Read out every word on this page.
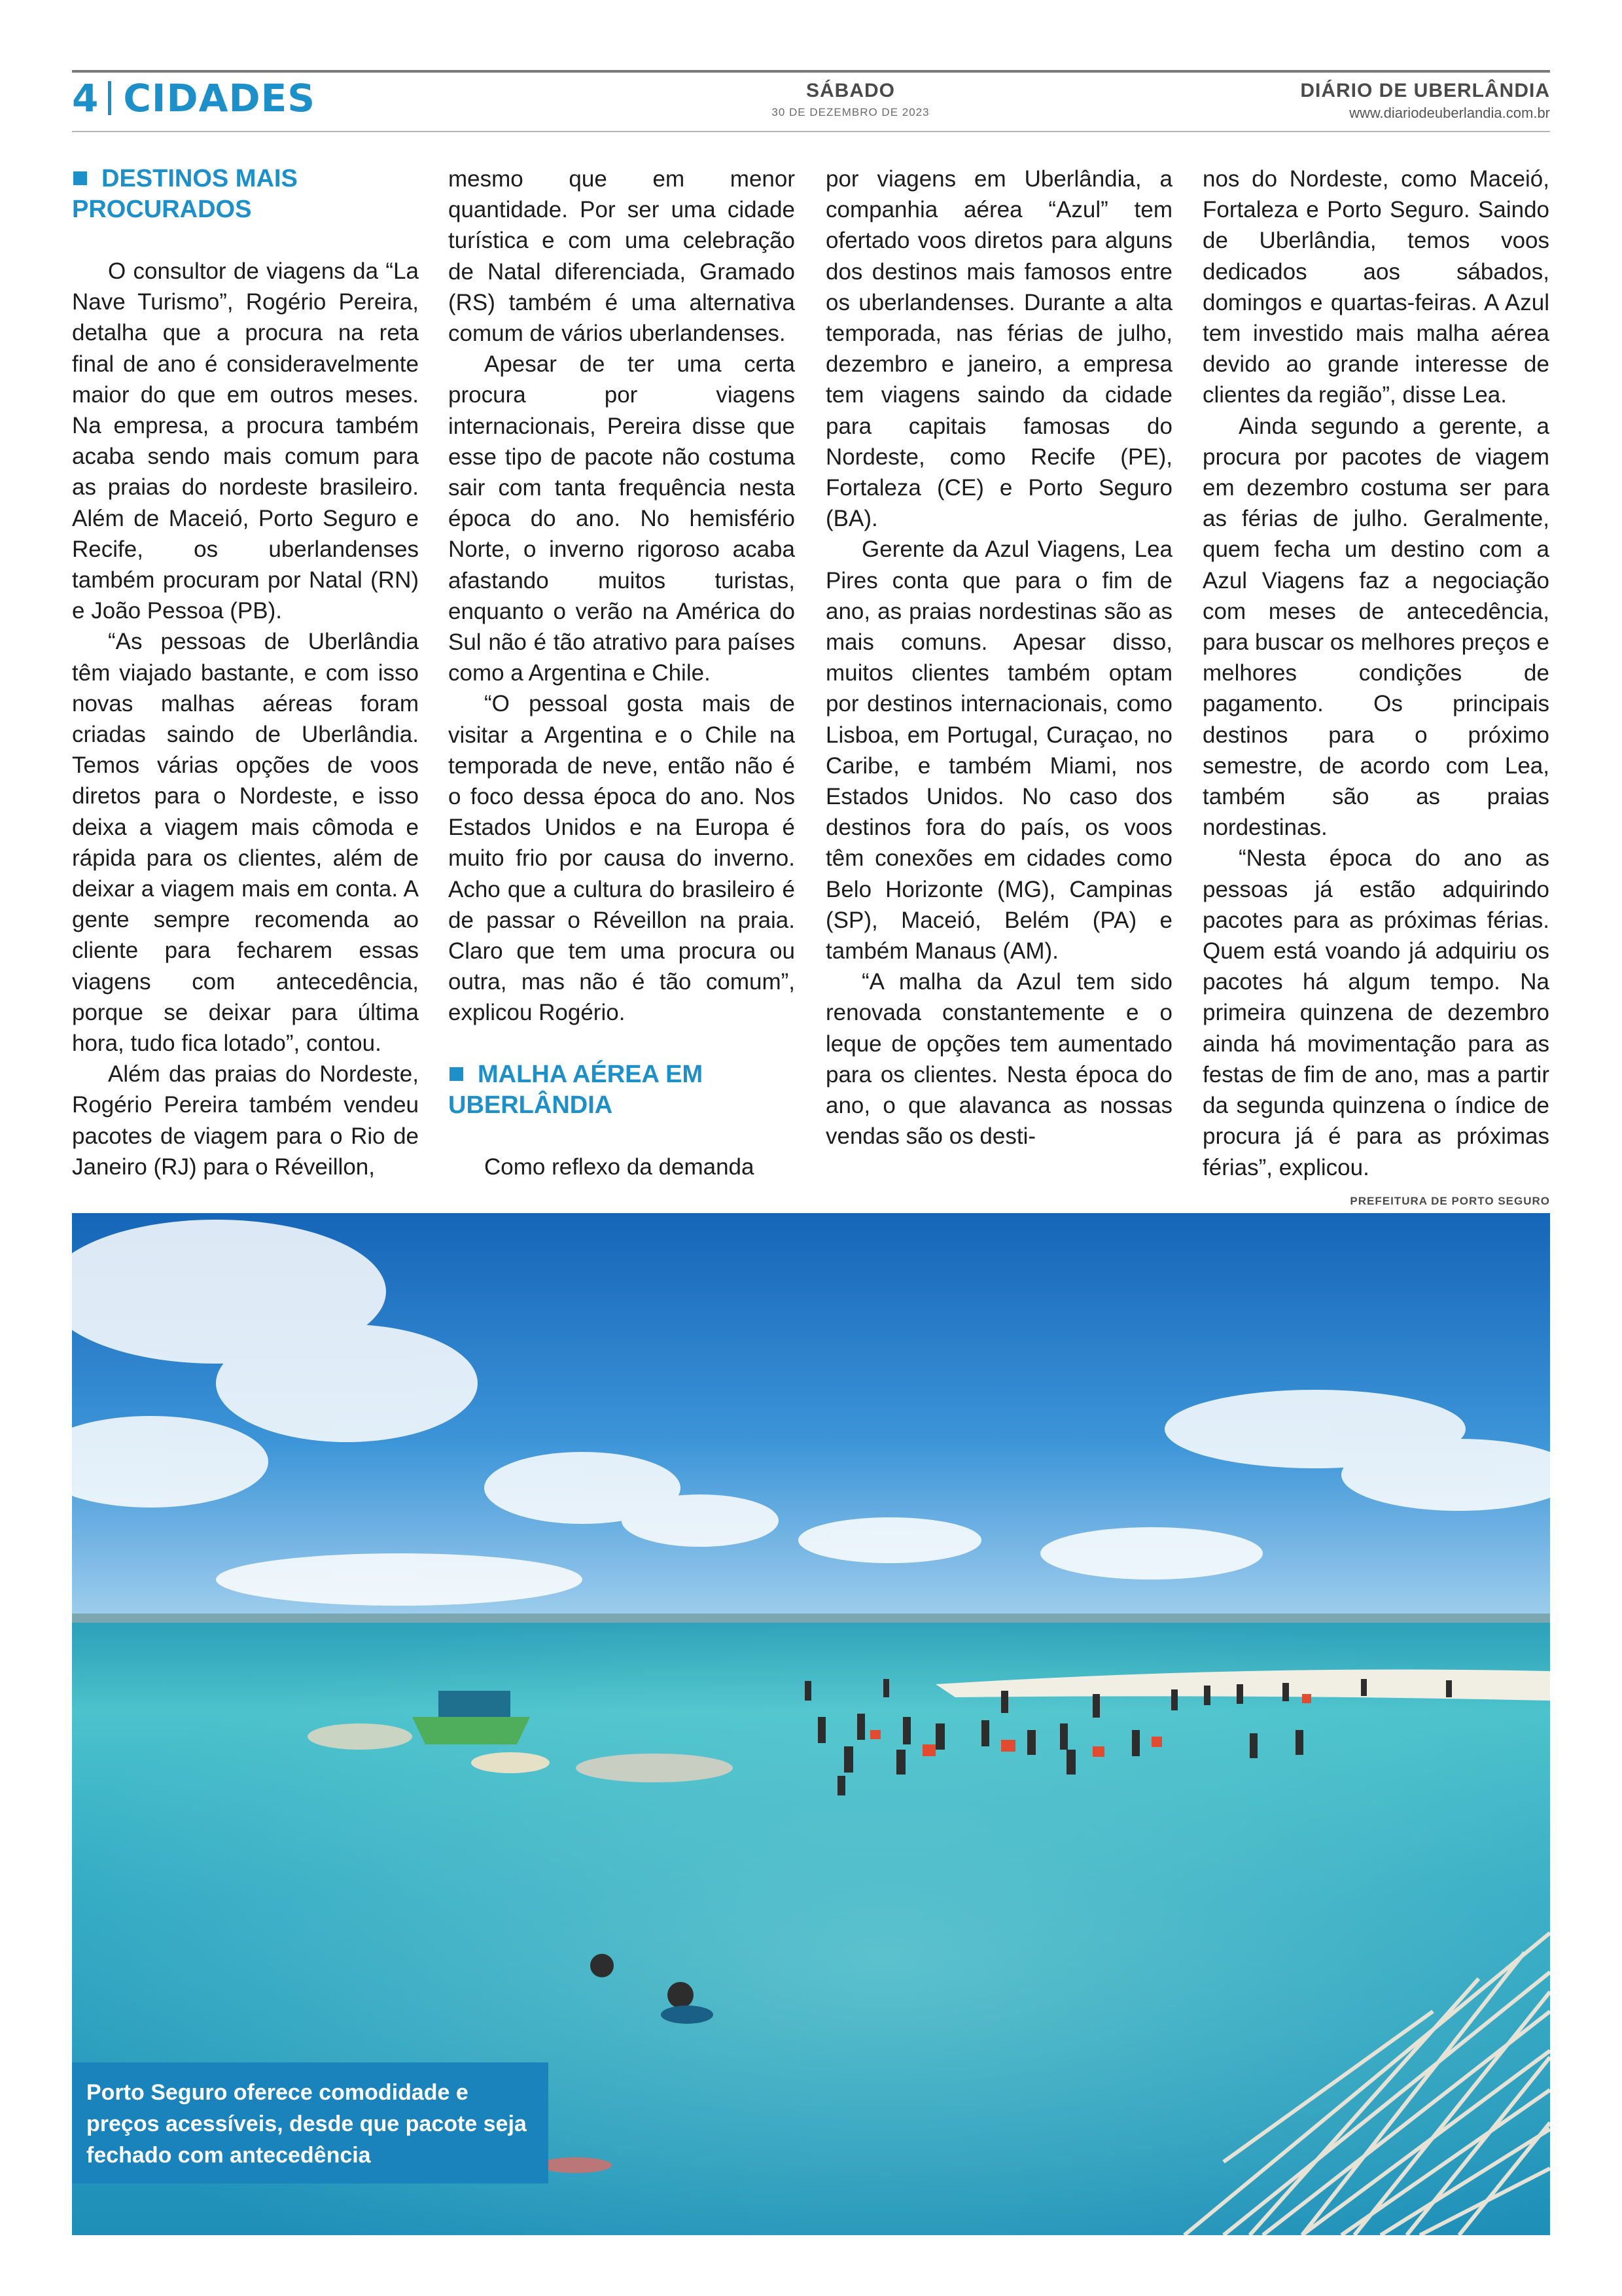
4 CIDADES	SÁBADO
30 DE DEZEMBRO DE 2023
DIÁRIO DE UBERLÂNDIA
www.diariodeuberlandia.com.br
DESTINOS MAIS PROCURADOS

O consultor de viagens da “La Nave Turismo”, Rogério Pereira, detalha que a procura na reta final de ano é consideravelmente maior do que em outros meses. Na empresa, a procura também acaba sendo mais comum para as praias do nordeste brasileiro. Além de Maceió, Porto Seguro e Recife, os uberlandenses também procuram por Natal (RN) e João Pessoa (PB).

“As pessoas de Uberlândia têm viajado bastante, e com isso novas malhas aéreas foram criadas saindo de Uberlândia. Temos várias opções de voos diretos para o Nordeste, e isso deixa a viagem mais cômoda e rápida para os clientes, além de deixar a viagem mais em conta. A gente sempre recomenda ao cliente para fecharem essas viagens com antecedência, porque se deixar para última hora, tudo fica lotado”, contou.

Além das praias do Nordeste, Rogério Pereira também vendeu pacotes de viagem para o Rio de Janeiro (RJ) para o Réveillon,

mesmo que em menor quantidade. Por ser uma cidade turística e com uma celebração de Natal diferenciada, Gramado (RS) também é uma alternativa comum de vários uberlandenses.

Apesar de ter uma certa procura por viagens internacionais, Pereira disse que esse tipo de pacote não costuma sair com tanta frequência nesta época do ano. No hemisfério Norte, o inverno rigoroso acaba afastando muitos turistas, enquanto o verão na América do Sul não é tão atrativo para países como a Argentina e Chile.

“O pessoal gosta mais de visitar a Argentina e o Chile na temporada de neve, então não é o foco dessa época do ano. Nos Estados Unidos e na Europa é muito frio por causa do inverno. Acho que a cultura do brasileiro é de passar o Réveillon na praia. Claro que tem uma procura ou outra, mas não é tão comum”, explicou Rogério.

MALHA AÉREA EM UBERLÂNDIA

Como reflexo da demanda

por viagens em Uberlândia, a companhia aérea “Azul” tem ofertado voos diretos para alguns dos destinos mais famosos entre os uberlandenses. Durante a alta temporada, nas férias de julho, dezembro e janeiro, a empresa tem viagens saindo da cidade para capitais famosas do Nordeste, como Recife (PE), Fortaleza (CE) e Porto Seguro (BA).

Gerente da Azul Viagens, Lea Pires conta que para o fim de ano, as praias nordestinas são as mais comuns. Apesar disso, muitos clientes também optam por destinos internacionais, como Lisboa, em Portugal, Curaçao, no Caribe, e também Miami, nos Estados Unidos. No caso dos destinos fora do país, os voos têm conexões em cidades como Belo Horizonte (MG), Campinas (SP), Maceió, Belém (PA) e também Manaus (AM).

“A malha da Azul tem sido renovada constantemente e o leque de opções tem aumentado para os clientes. Nesta época do ano, o que alavanca as nossas vendas são os desti-

nos do Nordeste, como Maceió, Fortaleza e Porto Seguro. Saindo de Uberlândia, temos voos dedicados aos sábados, domingos e quartas-feiras. A Azul tem investido mais malha aérea devido ao grande interesse de clientes da região”, disse Lea.

Ainda segundo a gerente, a procura por pacotes de viagem em dezembro costuma ser para as férias de julho. Geralmente, quem fecha um destino com a Azul Viagens faz a negociação com meses de antecedência, para buscar os melhores preços e melhores condições de pagamento. Os principais destinos para o próximo semestre, de acordo com Lea, também são as praias nordestinas.

“Nesta época do ano as pessoas já estão adquirindo pacotes para as próximas férias. Quem está voando já adquiriu os pacotes há algum tempo. Na primeira quinzena de dezembro ainda há movimentação para as festas de fim de ano, mas a partir da segunda quinzena o índice de procura já é para as próximas férias”, explicou.

PREFEITURA DE PORTO SEGURO
Porto Seguro oferece comodidade e preços acessíveis, desde que pacote seja fechado com antecedência
